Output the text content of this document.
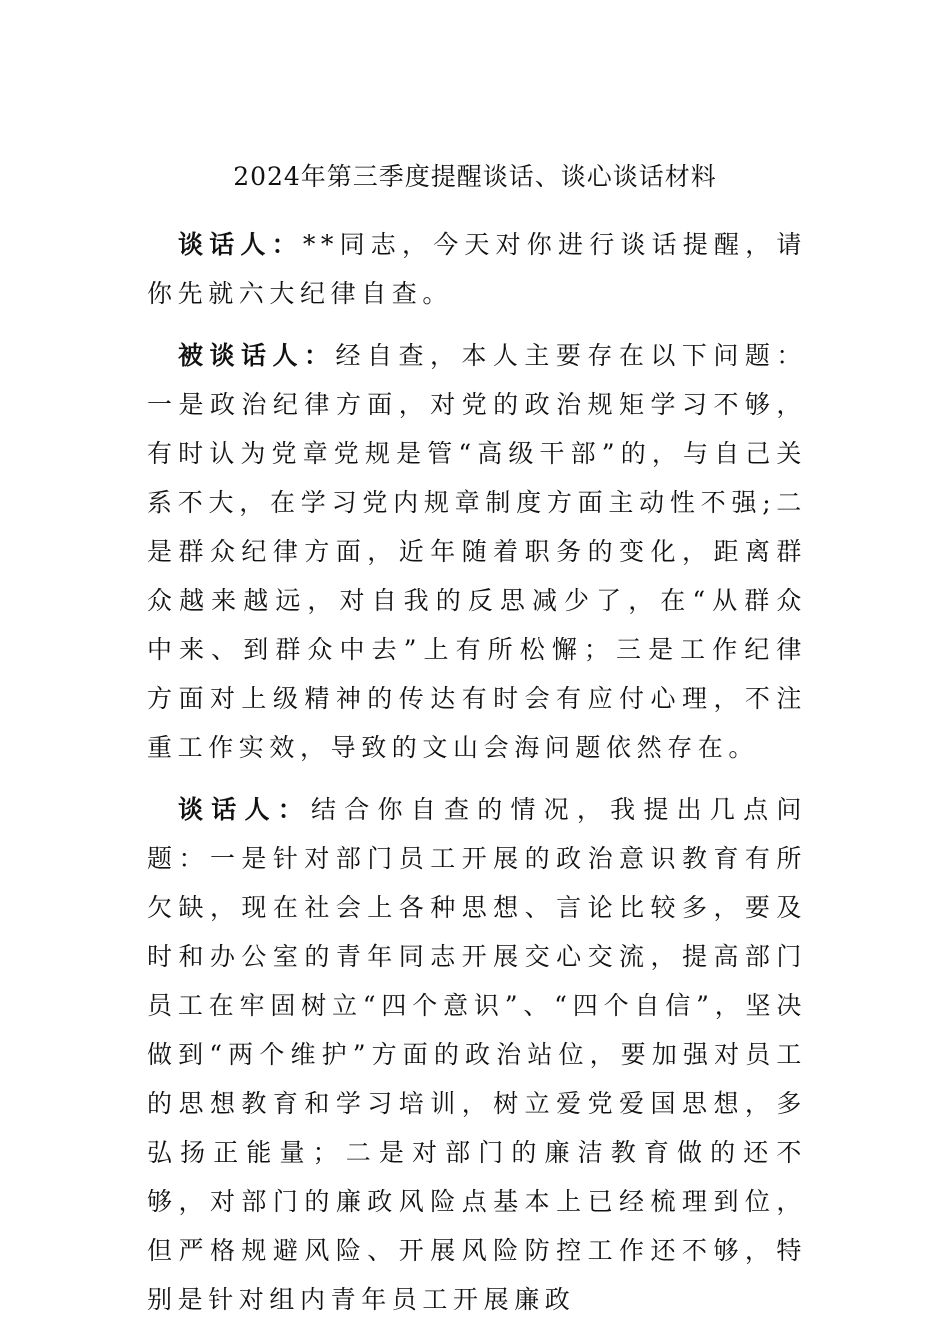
2024年第三季度提醒谈话、谈心谈话材料

谈话人：**同志，今天对你进行谈话提醒，请你先就六大纪律自查。

被谈话人：经自查，本人主要存在以下问题：一是政治纪律方面，对党的政治规矩学习不够，有时认为党章党规是管“高级干部”的，与自己关系不大，在学习党内规章制度方面主动性不强;二是群众纪律方面，近年随着职务的变化，距离群众越来越远，对自我的反思减少了，在“从群众中来、到群众中去”上有所松懈；三是工作纪律方面对上级精神的传达有时会有应付心理，不注重工作实效，导致的文山会海问题依然存在。

谈话人：结合你自查的情况，我提出几点问题：一是针对部门员工开展的政治意识教育有所欠缺，现在社会上各种思想、言论比较多，要及时和办公室的青年同志开展交心交流，提高部门员工在牢固树立“四个意识”、“四个自信”，坚决做到“两个维护”方面的政治站位，要加强对员工的思想教育和学习培训，树立爱党爱国思想，多弘扬正能量；二是对部门的廉洁教育做的还不够，对部门的廉政风险点基本上已经梳理到位，但严格规避风险、开展风险防控工作还不够，特别是针对组内青年员工开展廉政
